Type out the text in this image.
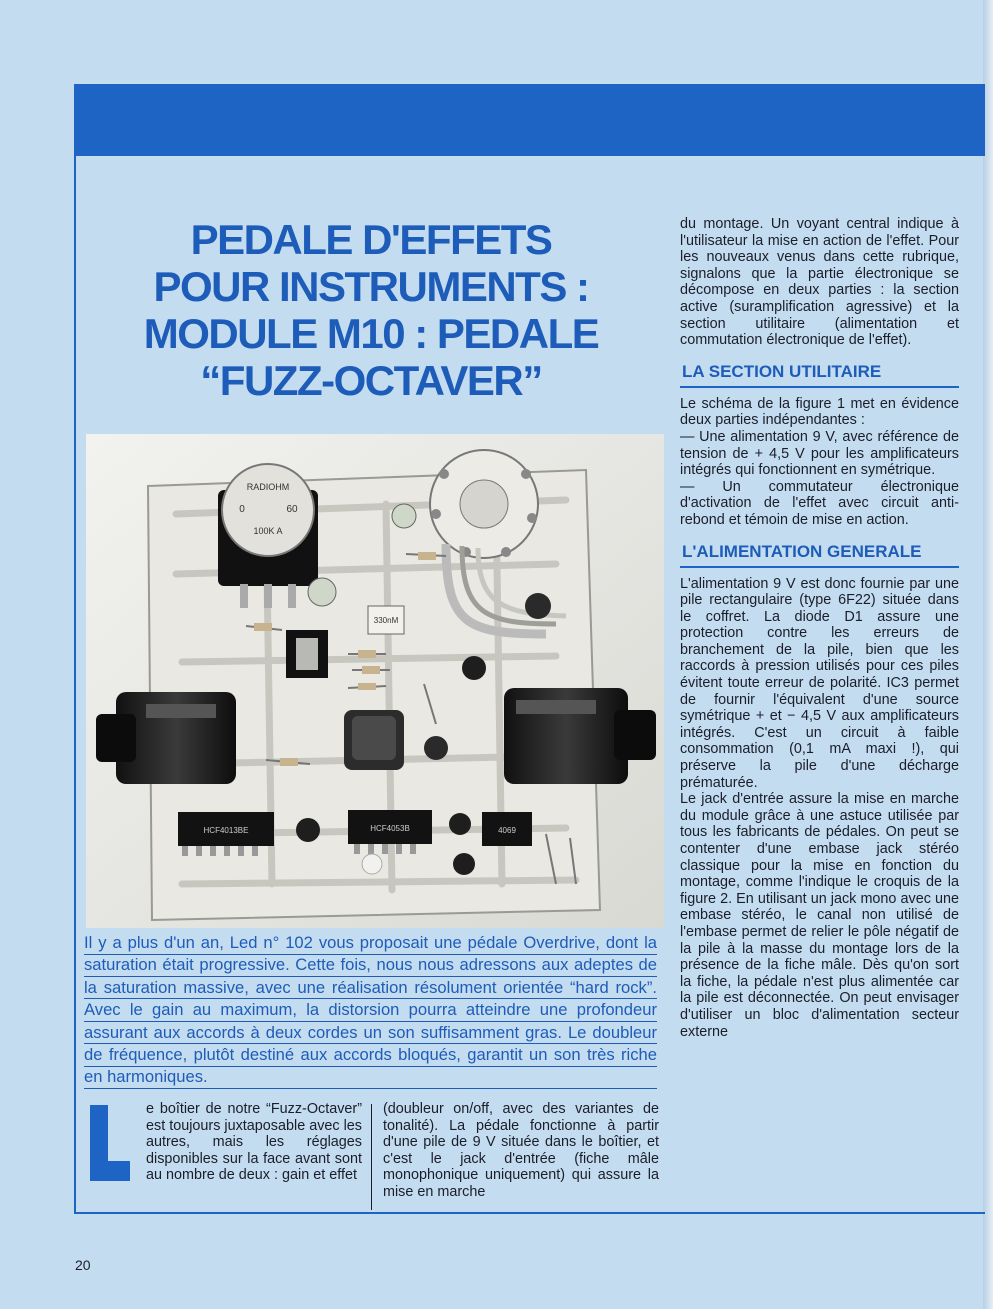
PEDALE D'EFFETS
POUR INSTRUMENTS :
MODULE M10 : PEDALE
“FUZZ-OCTAVER”
RADIOHM
0	60
100K A
330nM
HCF4013BE	HCF4053B	4069

Il y a plus d'un an, Led n° 102 vous proposait une pédale Overdrive, dont la saturation était progressive. Cette fois, nous nous adressons aux adeptes de la saturation massive, avec une réalisation résolument orientée “hard rock”. Avec le gain au maximum, la distorsion pourra atteindre une profondeur assurant aux accords à deux cordes un son suffisamment gras. Le doubleur de fréquence, plutôt destiné aux accords bloqués, garantit un son très riche en harmoniques.

e boîtier de notre “Fuzz-Octaver” est toujours juxtaposable avec les autres, mais les réglages disponibles sur la face avant sont au nombre de deux : gain et effet

(doubleur on/off, avec des variantes de tonalité). La pédale fonctionne à partir d'une pile de 9 V située dans le boîtier, et c'est le jack d'entrée (fiche mâle monophonique uniquement) qui assure la mise en marche

du montage. Un voyant central indique à l'utilisateur la mise en action de l'effet. Pour les nouveaux venus dans cette rubrique, signalons que la partie électronique se décompose en deux parties : la section active (suramplification agressive) et la section utilitaire (alimentation et commutation électronique de l'effet).

LA SECTION UTILITAIRE

Le schéma de la figure 1 met en évidence deux parties indépendantes :

— Une alimentation 9 V, avec référence de tension de + 4,5 V pour les amplificateurs intégrés qui fonctionnent en symétrique.

— Un commutateur électronique d'activation de l'effet avec circuit anti-rebond et témoin de mise en action.

L'ALIMENTATION GENERALE

L'alimentation 9 V est donc fournie par une pile rectangulaire (type 6F22) située dans le coffret. La diode D1 assure une protection contre les erreurs de branchement de la pile, bien que les raccords à pression utilisés pour ces piles évitent toute erreur de polarité. IC3 permet de fournir l'équivalent d'une source symétrique + et − 4,5 V aux amplificateurs intégrés. C'est un circuit à faible consommation (0,1 mA maxi !), qui préserve la pile d'une décharge prématurée.

Le jack d'entrée assure la mise en marche du module grâce à une astuce utilisée par tous les fabricants de pédales. On peut se contenter d'une embase jack stéréo classique pour la mise en fonction du montage, comme l'indique le croquis de la figure 2. En utilisant un jack mono avec une embase stéréo, le canal non utilisé de l'embase permet de relier le pôle négatif de la pile à la masse du montage lors de la présence de la fiche mâle. Dès qu'on sort la fiche, la pédale n'est plus alimentée car la pile est déconnectée. On peut envisager d'utiliser un bloc d'alimentation secteur externe

20
